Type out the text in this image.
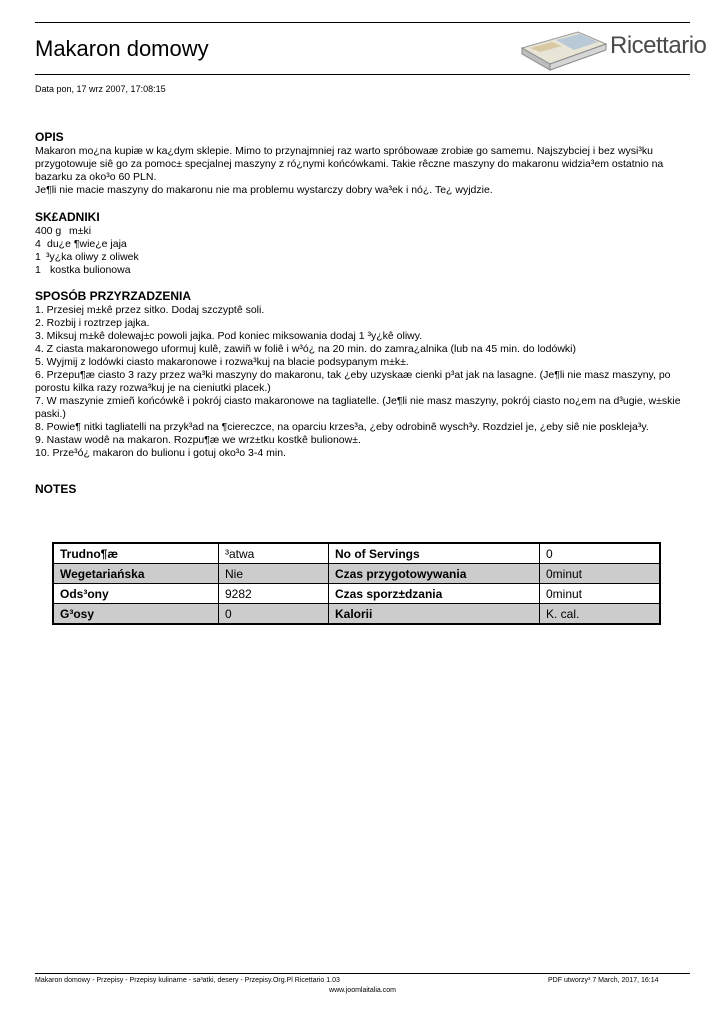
Makaron domowy	Ricettario
Data pon, 17 wrz 2007, 17:08:15
OPIS

Makaron mo¿na kupiæ w ka¿dym sklepie. Mimo to przynajmniej raz warto spróbowaæ zrobiæ go samemu. Najszybciej i bez wysi³ku przygotowuje siê go za pomoc± specjalnej maszyny z ró¿nymi końcówkami. Takie rêczne maszyny do makaronu widzia³em ostatnio na bazarku za oko³o 60 PLN.

Je¶li nie macie maszyny do makaronu nie ma problemu wystarczy dobry wa³ek i nó¿. Te¿ wyjdzie.

SK£ADNIKI
400 g m±ki
4 du¿e ¶wie¿e jaja
1 ³y¿ka oliwy z oliwek
1 kostka bulionowa
SPOSÓB PRZYRZADZENIA
1. Przesiej m±kê przez sitko. Dodaj szczyptê soli.
2. Rozbij i roztrzep jajka.
3. Miksuj m±kê dolewaj±c powoli jajka. Pod koniec miksowania dodaj 1 ³y¿kê oliwy.
4. Z ciasta makaronowego uformuj kulê, zawiñ w foliê i w³ó¿ na 20 min. do zamra¿alnika (lub na 45 min. do lodówki)
5. Wyjmij z lodówki ciasto makaronowe i rozwa³kuj na blacie podsypanym m±k±.
6. Przepu¶æ ciasto 3 razy przez wa³ki maszyny do makaronu, tak ¿eby uzyskaæ cienki p³at jak na lasagne. (Je¶li nie masz maszyny, po porostu kilka razy rozwa³kuj je na cieniutki placek.)
7. W maszynie zmieñ końcówkê i pokrój ciasto makaronowe na tagliatelle. (Je¶li nie masz maszyny, pokrój ciasto no¿em na d³ugie, w±skie paski.)
8. Powie¶ nitki tagliatelli na przyk³ad na ¶ciereczce, na oparciu krzes³a, ¿eby odrobinê wysch³y. Rozdziel je, ¿eby siê nie poskleja³y.
9. Nastaw wodê na makaron. Rozpu¶æ we wrz±tku kostkê bulionow±.
10. Prze³ó¿ makaron do bulionu i gotuj oko³o 3-4 min.
NOTES
Trudno¶æ	³atwa	No of Servings	0
Wegetariańska	Nie	Czas przygotowywania	0minut
Ods³ony	9282	Czas sporz±dzania	0minut
G³osy	0	Kalorii	K. cal.
Makaron domowy - Przepisy - Przepisy kulinarne - sa³atki, desery - Przepisy.Org.Pl Ricettario 1.03	PDF utworzy³ 7 March, 2017, 16:14
www.joomlaitalia.com
